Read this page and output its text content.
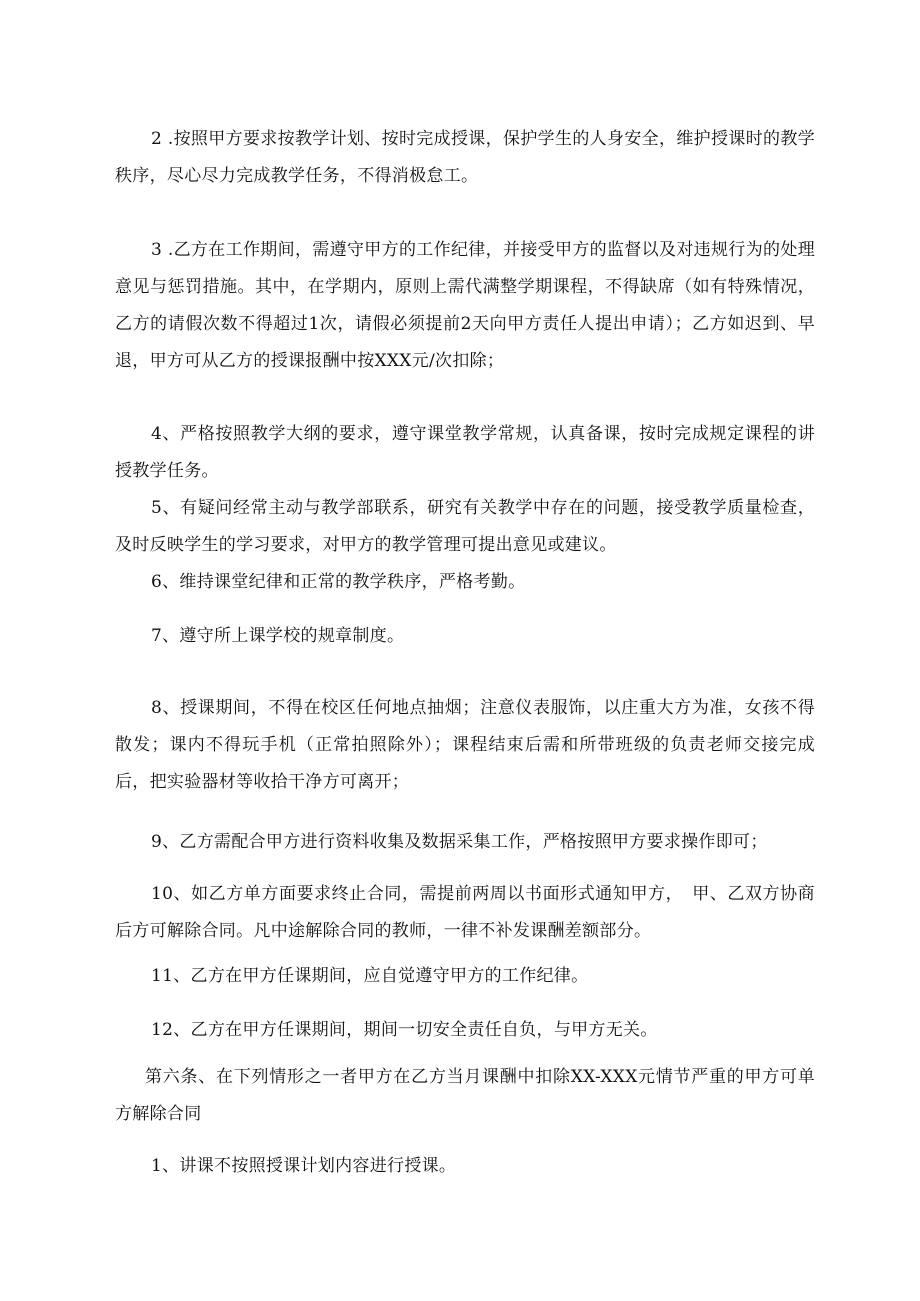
2 .按照甲方要求按教学计划、按时完成授课，保护学生的人身安全，维护授课时的教学秩序，尽心尽力完成教学任务，不得消极怠工。

3 .乙方在工作期间，需遵守甲方的工作纪律，并接受甲方的监督以及对违规行为的处理意见与惩罚措施。其中，在学期内，原则上需代满整学期课程，不得缺席（如有特殊情况，乙方的请假次数不得超过1次，请假必须提前2天向甲方责任人提出申请）；乙方如迟到、早退，甲方可从乙方的授课报酬中按XXX元/次扣除；

4、严格按照教学大纲的要求，遵守课堂教学常规，认真备课，按时完成规定课程的讲授教学任务。

5、有疑问经常主动与教学部联系，研究有关教学中存在的问题，接受教学质量检查，及时反映学生的学习要求，对甲方的教学管理可提出意见或建议。

6、维持课堂纪律和正常的教学秩序，严格考勤。

7、遵守所上课学校的规章制度。

8、授课期间，不得在校区任何地点抽烟；注意仪表服饰，以庄重大方为准，女孩不得散发；课内不得玩手机（正常拍照除外）；课程结束后需和所带班级的负责老师交接完成后，把实验器材等收拾干净方可离开；

9、乙方需配合甲方进行资料收集及数据采集工作，严格按照甲方要求操作即可；

10、如乙方单方面要求终止合同，需提前两周以书面形式通知甲方，　甲、乙双方协商后方可解除合同。凡中途解除合同的教师，一律不补发课酬差额部分。

11、乙方在甲方任课期间，应自觉遵守甲方的工作纪律。

12、乙方在甲方任课期间，期间一切安全责任自负，与甲方无关。

第六条、在下列情形之一者甲方在乙方当月课酬中扣除XX-XXX元情节严重的甲方可单方解除合同

1、讲课不按照授课计划内容进行授课。
